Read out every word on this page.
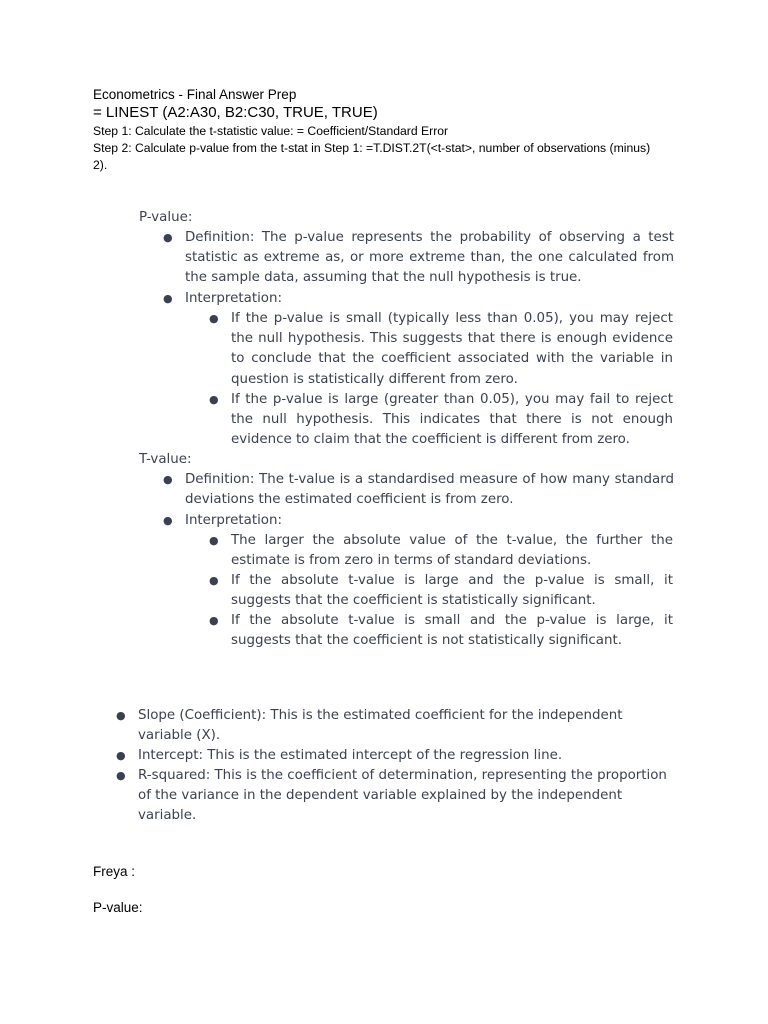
Econometrics - Final Answer Prep
= LINEST (A2:A30, B2:C30, TRUE, TRUE)
Step 1: Calculate the t-statistic value: = Coefficient/Standard Error
Step 2: Calculate p-value from the t-stat in Step 1: =T.DIST.2T(<t-stat>, number of observations (minus) 2).
P-value:
● Definition: The p-value represents the probability of observing a test statistic as extreme as, or more extreme than, the one calculated from the sample data, assuming that the null hypothesis is true.
● Interpretation:
● If the p-value is small (typically less than 0.05), you may reject the null hypothesis. This suggests that there is enough evidence to conclude that the coefficient associated with the variable in question is statistically different from zero.
● If the p-value is large (greater than 0.05), you may fail to reject the null hypothesis. This indicates that there is not enough evidence to claim that the coefficient is different from zero.
T-value:
● Definition: The t-value is a standardised measure of how many standard deviations the estimated coefficient is from zero.
● Interpretation:
● The larger the absolute value of the t-value, the further the estimate is from zero in terms of standard deviations.
● If the absolute t-value is large and the p-value is small, it suggests that the coefficient is statistically significant.
● If the absolute t-value is small and the p-value is large, it suggests that the coefficient is not statistically significant.
● Slope (Coefficient): This is the estimated coefficient for the independent variable (X).
● Intercept: This is the estimated intercept of the regression line.
● R-squared: This is the coefficient of determination, representing the proportion of the variance in the dependent variable explained by the independent variable.
Freya :
P-value:
